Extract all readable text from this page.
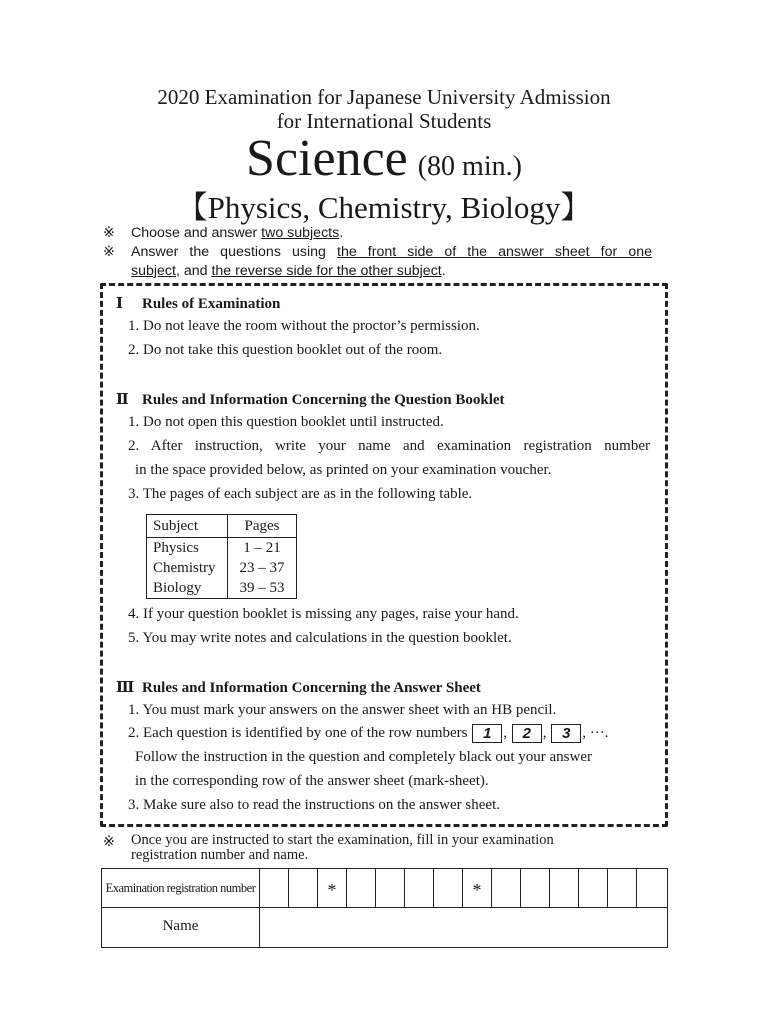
2020 Examination for Japanese University Admission
for International Students
Science (80 min.)
【Physics, Chemistry, Biology】
※ Choose and answer two subjects.
※ Answer the questions using the front side of the answer sheet for one
subject, and the reverse side for the other subject.
Ⅰ Rules of Examination
1. Do not leave the room without the proctor’s permission.
2. Do not take this question booklet out of the room.
Ⅱ Rules and Information Concerning the Question Booklet
1. Do not open this question booklet until instructed.
2. After instruction, write your name and examination registration number
in the space provided below, as printed on your examination voucher.
3. The pages of each subject are as in the following table.
Subject	Pages
Physics	1 – 21
Chemistry	23 – 37
Biology	39 – 53
4. If your question booklet is missing any pages, raise your hand.
5. You may write notes and calculations in the question booklet.
Ⅲ Rules and Information Concerning the Answer Sheet
1. You must mark your answers on the answer sheet with an HB pencil.
2. Each question is identified by one of the row numbers 1 , 2 , 3 , ···.
Follow the instruction in the question and completely black out your answer
in the corresponding row of the answer sheet (mark-sheet).
3. Make sure also to read the instructions on the answer sheet.
※ Once you are instructed to start the examination, fill in your examination
registration number and name.
Examination registration number	*	*
Name
